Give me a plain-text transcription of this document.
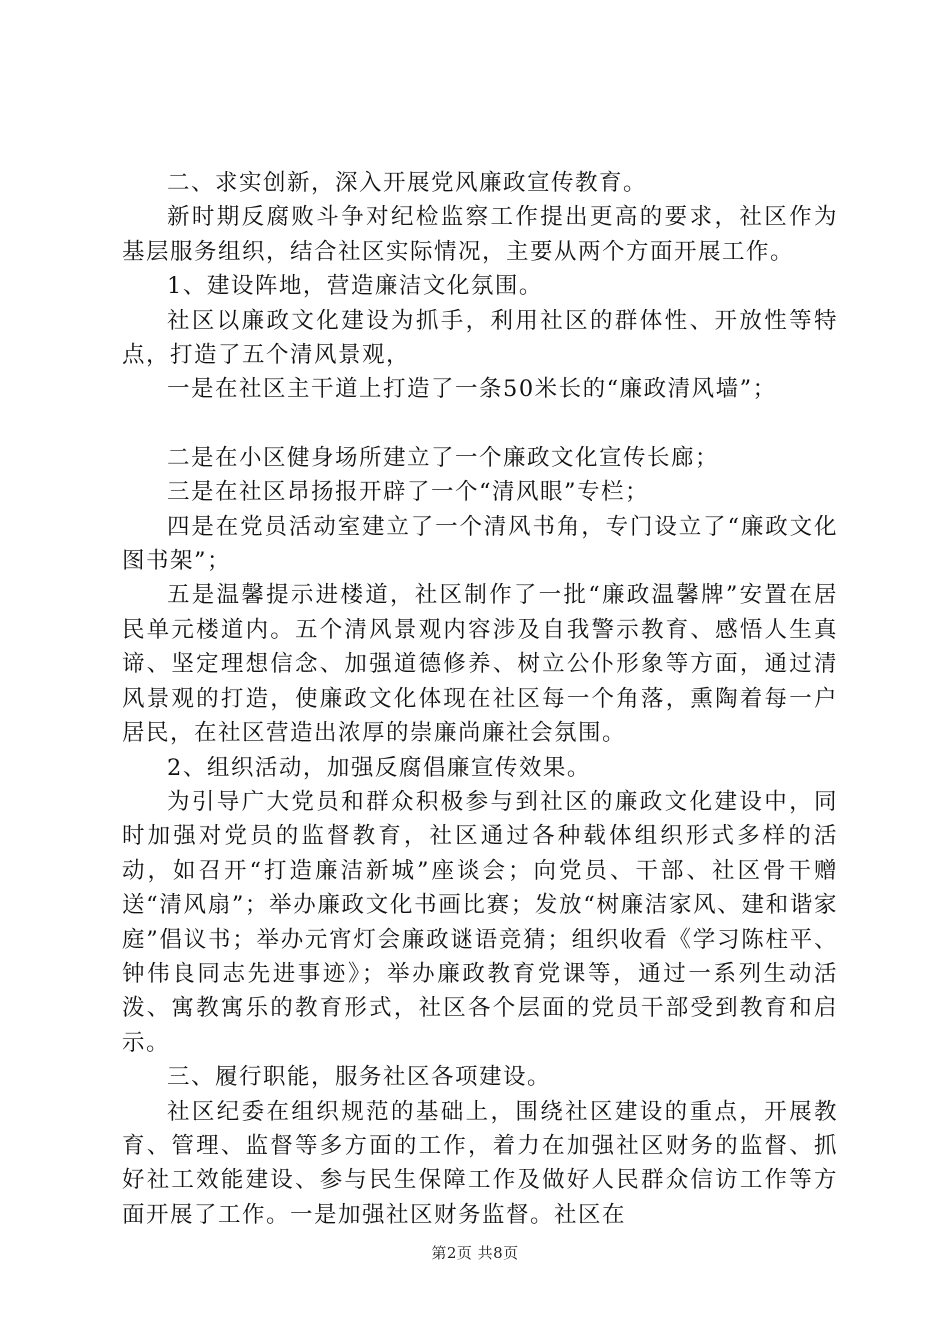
二、求实创新，深入开展党风廉政宣传教育。

新时期反腐败斗争对纪检监察工作提出更高的要求，社区作为基层服务组织，结合社区实际情况，主要从两个方面开展工作。

1、建设阵地，营造廉洁文化氛围。

社区以廉政文化建设为抓手，利用社区的群体性、开放性等特点，打造了五个清风景观，

一是在社区主干道上打造了一条50米长的“廉政清风墙”；

二是在小区健身场所建立了一个廉政文化宣传长廊；

三是在社区昂扬报开辟了一个“清风眼”专栏；

四是在党员活动室建立了一个清风书角，专门设立了“廉政文化图书架”；

五是温馨提示进楼道，社区制作了一批“廉政温馨牌”安置在居民单元楼道内。五个清风景观内容涉及自我警示教育、感悟人生真谛、坚定理想信念、加强道德修养、树立公仆形象等方面，通过清风景观的打造，使廉政文化体现在社区每一个角落，熏陶着每一户居民，在社区营造出浓厚的崇廉尚廉社会氛围。

2、组织活动，加强反腐倡廉宣传效果。

为引导广大党员和群众积极参与到社区的廉政文化建设中，同时加强对党员的监督教育，社区通过各种载体组织形式多样的活动，如召开“打造廉洁新城”座谈会；向党员、干部、社区骨干赠送“清风扇”；举办廉政文化书画比赛；发放“树廉洁家风、建和谐家庭”倡议书；举办元宵灯会廉政谜语竞猜；组织收看《学习陈柱平、钟伟良同志先进事迹》；举办廉政教育党课等，通过一系列生动活泼、寓教寓乐的教育形式，社区各个层面的党员干部受到教育和启示。

三、履行职能，服务社区各项建设。

社区纪委在组织规范的基础上，围绕社区建设的重点，开展教育、管理、监督等多方面的工作，着力在加强社区财务的监督、抓好社工效能建设、参与民生保障工作及做好人民群众信访工作等方面开展了工作。一是加强社区财务监督。社区在

第2页 共8页
